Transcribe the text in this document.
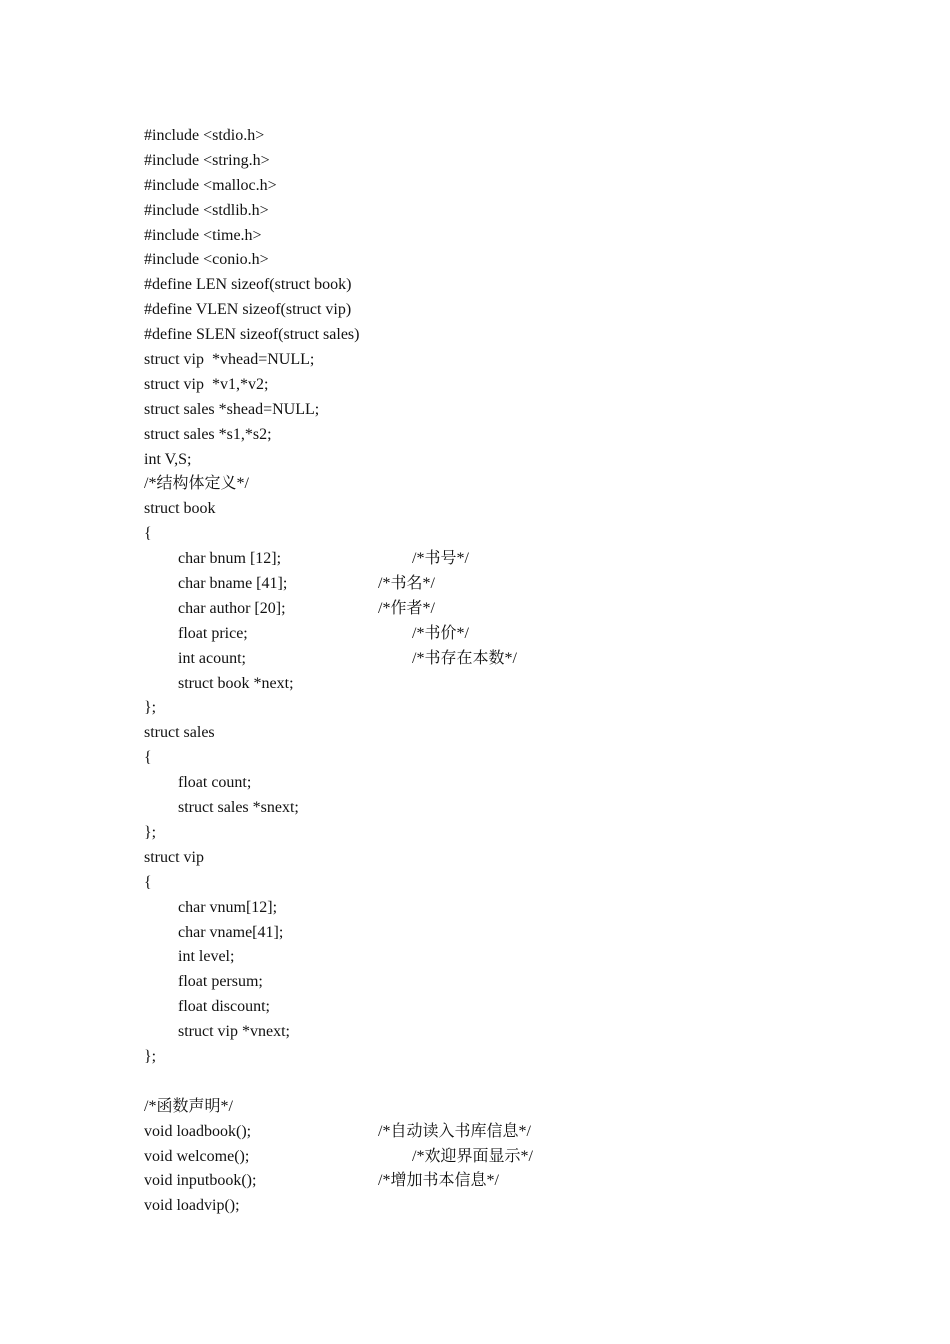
#include <stdio.h>
#include <string.h>
#include <malloc.h>
#include <stdlib.h>
#include <time.h>
#include <conio.h>
#define LEN sizeof(struct book)
#define VLEN sizeof(struct vip)
#define SLEN sizeof(struct sales)
struct vip  *vhead=NULL;
struct vip  *v1,*v2;
struct sales *shead=NULL;
struct sales *s1,*s2;
int V,S;
/*结构体定义*/
struct book
{
char bnum [12];	/*书号*/
char bname [41];	/*书名*/
char author [20];	/*作者*/
float price;	/*书价*/
int acount;	/*书存在本数*/
struct book *next;
};
struct sales
{
float count;
struct sales *snext;
};
struct vip
{
char vnum[12];
char vname[41];
int level;
float persum;
float discount;
struct vip *vnext;
};
/*函数声明*/
void loadbook();	/*自动读入书库信息*/
void welcome();	/*欢迎界面显示*/
void inputbook();	/*增加书本信息*/
void loadvip();
